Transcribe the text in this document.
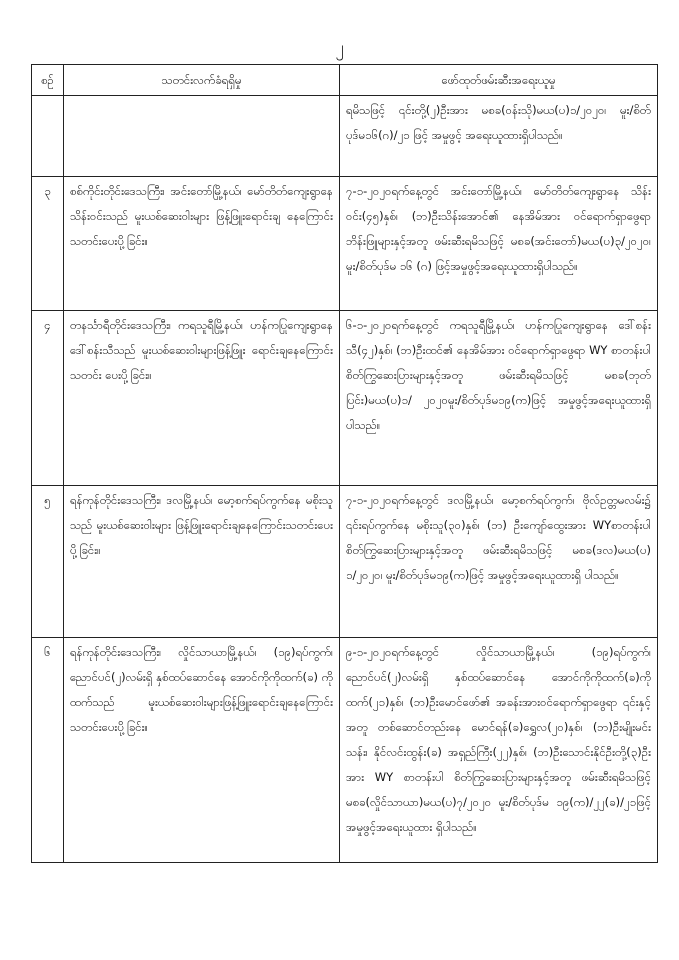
၂
စဉ်	သတင်းလက်ခံရရှိမှု	ဖော်ထုတ်ဖမ်းဆီးအရေးယူမှု
		ရမိသဖြင့် ၎င်းတို့(၂)ဦးအား မစခ(ဝန်းသို)မယ(ပ)၁/၂၀၂၀၊ မူး/စိတ်ပုဒ်မ၁၆(ဂ)/၂၁ ဖြင့် အမှုဖွင့် အရေးယူထားရှိပါသည်။
၃	စစ်ကိုင်းတိုင်းဒေသကြီး၊ အင်းတော်မြို့နယ်၊ မော်တိတ်ကျေးရွာနေ သိန်းဝင်းသည် မူးယစ်ဆေးဝါးများ ဖြန့်ဖြူးရောင်းချ နေကြောင်း သတင်းပေးပို့ခြင်း။	၇-၁-၂၀၂၀ရက်နေ့တွင် အင်းတော်မြို့နယ်၊ မော်တိတ်ကျေးရွာနေ သိန်းဝင်း(၄၅)နှစ်၊ (ဘ)ဦးသိန်းအောင်၏ နေအိမ်အား ဝင်ရောက်ရှာဖွေရာ ဘိန်းဖြူများနှင့်အတူ ဖမ်းဆီးရမိသဖြင့် မစခ(အင်းတော်)မယ(ပ)၃/၂၀၂၀၊ မူး/စိတ်ပုဒ်မ ၁၆ (ဂ) ဖြင့်အမှုဖွင့်အရေးယူထားရှိပါသည်။
၄	တနင်္သာရီတိုင်းဒေသကြီး၊ ကရသူရီမြို့နယ်၊ ဟန်ကပြုကျေးရွာနေ ဒေါ်စန်းသီသည် မူးယစ်ဆေးဝါးများဖြန့်ဖြူး ရောင်းချနေကြောင်း သတင်း ပေးပို့ခြင်း။	၆-၁-၂၀၂၀ရက်နေ့တွင် ကရသူရီမြို့နယ်၊ ဟန်ကပြုကျေးရွာနေ ဒေါ်စန်းသီ(၄၂)နှစ်၊ (ဘ)ဦးထင်၏ နေအိမ်အား ဝင်ရောက်ရှာဖွေရာ WY စာတန်းပါ စိတ်ကြွဆေးပြားများနှင့်အတူ ဖမ်းဆီးရမိသဖြင့် မစခ(ဘုတ်ပြင်း)မယ(ပ)၁/ ၂၀၂၀မူး/စိတ်ပုဒ်မ၁၉(က)ဖြင့် အမှုဖွင့်အရေးယူထားရှိပါသည်။
၅	ရန်ကုန်တိုင်းဒေသကြီး၊ ဒလမြို့နယ်၊ မော့စက်ရပ်ကွက်နေ မစိုးသူသည် မူးယစ်ဆေးဝါးများ ဖြန့်ဖြူးရောင်းချနေကြောင်းသတင်းပေးပို့ခြင်း။	၇-၁-၂၀၂၀ရက်နေ့တွင် ဒလမြို့နယ်၊ မော့စက်ရပ်ကွက်၊ ဗိုလ်ဥတ္တမလမ်း၌ ၎င်းရပ်ကွက်နေ မစိုးသူ(၃၀)နှစ်၊ (ဘ) ဦးကျော်ထွေးအား WYစာတန်းပါ စိတ်ကြွဆေးပြားများနှင့်အတူ ဖမ်းဆီးရမိသဖြင့် မစခ(ဒလ)မယ(ပ) ၁/၂၀၂၀၊ မူး/စိတ်ပုဒ်မ၁၉(က)ဖြင့် အမှုဖွင့်အရေးယူထားရှိ ပါသည်။
၆	ရန်ကုန်တိုင်းဒေသကြီး၊ လှိုင်သာယာမြို့နယ်၊ (၁၉)ရပ်ကွက်၊ ညောင်ပင်(၂)လမ်းရှိ နှစ်ထပ်ဆောင်နေ အောင်ကိုကိုထက်(ခ) ကိုထက်သည် မူးယစ်ဆေးဝါးများဖြန့်ဖြူးရောင်းချနေကြောင်းသတင်းပေးပို့ခြင်း။	၉-၁-၂၀၂၀ရက်နေ့တွင် လှိုင်သာယာမြို့နယ်၊ (၁၉)ရပ်ကွက်၊ ညောင်ပင်(၂)လမ်းရှိ နှစ်ထပ်ဆောင်နေ အောင်ကိုကိုထက်(ခ)ကိုထက်(၂၁)နှစ်၊ (ဘ)ဦးမောင်ဖော်၏ အခန်းအားဝင်ရောက်ရှာဖွေရာ ၎င်းနှင့်အတူ တစ်ဆောင်တည်းနေ မောင်ရန်(ခ)ရွှေလ(၂၀)နှစ်၊ (ဘ)ဦးမျိုးမင်းသန်း၊ နိုင်လင်းထွန်း(ခ) အရှည်ကြီး(၂၂)နှစ်၊ (ဘ)ဦးသောင်းနိုင်ဦးတို့(၃)ဦးအား WY စာတန်းပါ စိတ်ကြွဆေးပြားများနှင့်အတူ ဖမ်းဆီးရမိသဖြင့် မစခ(လှိုင်သာယာ)မယ(ပ)၇/၂၀၂၀ မူး/စိတ်ပုဒ်မ ၁၉(က)/၂၂(ခ)/၂၁ဖြင့် အမှုဖွင့်အရေးယူထား ရှိပါသည်။
